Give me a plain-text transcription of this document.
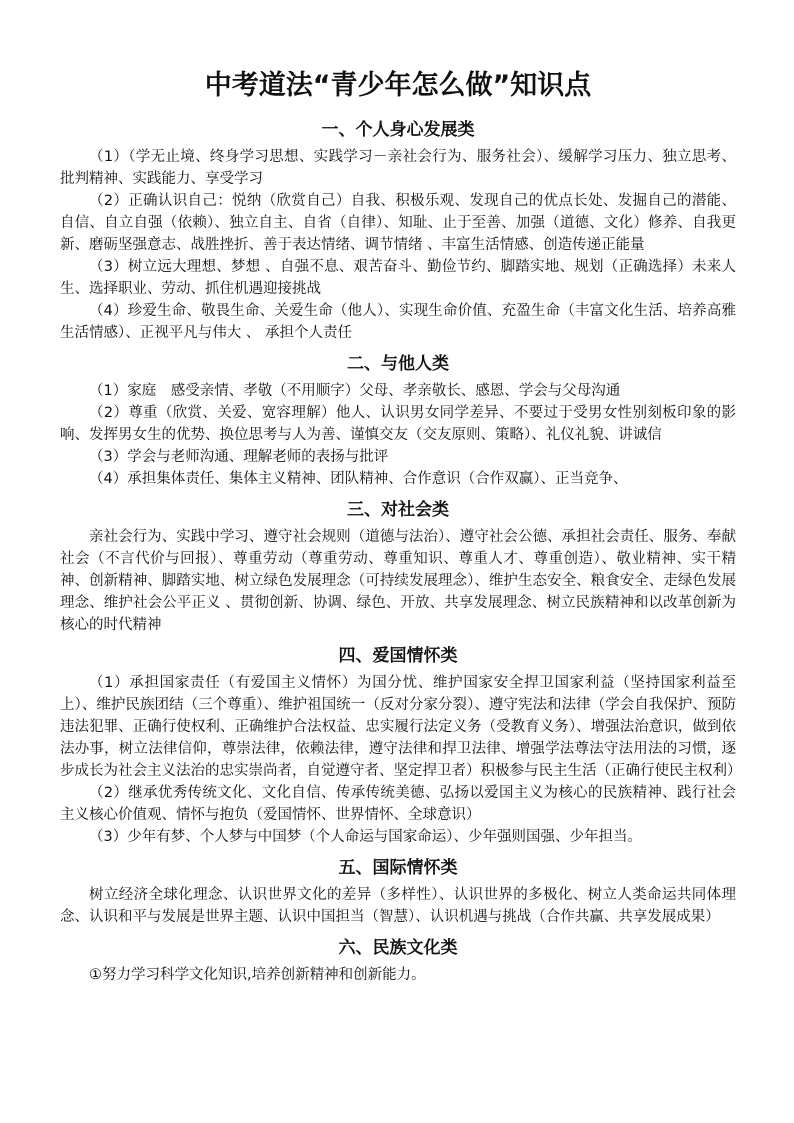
中考道法“青少年怎么做”知识点
一、个人身心发展类

（1）（学无止境、终身学习思想、实践学习－亲社会行为、服务社会）、缓解学习压力、独立思考、批判精神、实践能力、享受学习

（2）正确认识自己：悦纳（欣赏自己）自我、积极乐观、发现自己的优点长处、发掘自己的潜能、自信、自立自强（依赖）、独立自主、自省（自律）、知耻、止于至善、加强（道德、文化）修养、自我更新、磨砺坚强意志、战胜挫折、善于表达情绪、调节情绪 、丰富生活情感、创造传递正能量

（3）树立远大理想、梦想 、自强不息、艰苦奋斗、勤俭节约、脚踏实地、规划（正确选择）未来人生、选择职业、劳动、抓住机遇迎接挑战

（4）珍爱生命、敬畏生命、关爱生命（他人）、实现生命价值、充盈生命（丰富文化生活、培养高雅生活情感）、正视平凡与伟大 、 承担个人责任

二、与他人类

（1）家庭　感受亲情、孝敬（不用顺字）父母、孝亲敬长、感恩、学会与父母沟通

（2）尊重（欣赏、关爱、宽容理解）他人、认识男女同学差异、不要过于受男女性别刻板印象的影响、发挥男女生的优势、换位思考与人为善、谨慎交友（交友原则、策略）、礼仪礼貌、讲诚信

（3）学会与老师沟通、理解老师的表扬与批评

（4）承担集体责任、集体主义精神、团队精神、合作意识（合作双赢）、正当竞争、

三、对社会类

亲社会行为、实践中学习、遵守社会规则（道德与法治）、遵守社会公德、承担社会责任、服务、奉献社会（不言代价与回报）、尊重劳动（尊重劳动、尊重知识、尊重人才、尊重创造）、敬业精神、实干精神、创新精神、脚踏实地、树立绿色发展理念（可持续发展理念）、维护生态安全、粮食安全、走绿色发展理念、维护社会公平正义 、贯彻创新、协调、绿色、开放、共享发展理念、树立民族精神和以改革创新为核心的时代精神

四、爱国情怀类

（1）承担国家责任（有爱国主义情怀）为国分忧、维护国家安全捍卫国家利益（坚持国家利益至上）、维护民族团结（三个尊重）、维护祖国统一（反对分家分裂）、遵守宪法和法律（学会自我保护、预防违法犯罪、正确行使权利、正确维护合法权益、忠实履行法定义务（受教育义务）、增强法治意识，做到依法办事，树立法律信仰，尊崇法律，依赖法律，遵守法律和捍卫法律、增强学法尊法守法用法的习惯，逐步成长为社会主义法治的忠实崇尚者，自觉遵守者、坚定捍卫者）积极参与民主生活（正确行使民主权利）

（2）继承优秀传统文化、文化自信、传承传统美德、弘扬以爱国主义为核心的民族精神、践行社会主义核心价值观、情怀与抱负（爱国情怀、世界情怀、全球意识）

（3）少年有梦、个人梦与中国梦（个人命运与国家命运）、少年强则国强、少年担当。

五、国际情怀类

树立经济全球化理念、认识世界文化的差异（多样性）、认识世界的多极化、树立人类命运共同体理念、认识和平与发展是世界主题、认识中国担当（智慧）、认识机遇与挑战（合作共赢、共享发展成果）

六、民族文化类

①努力学习科学文化知识,培养创新精神和创新能力。
